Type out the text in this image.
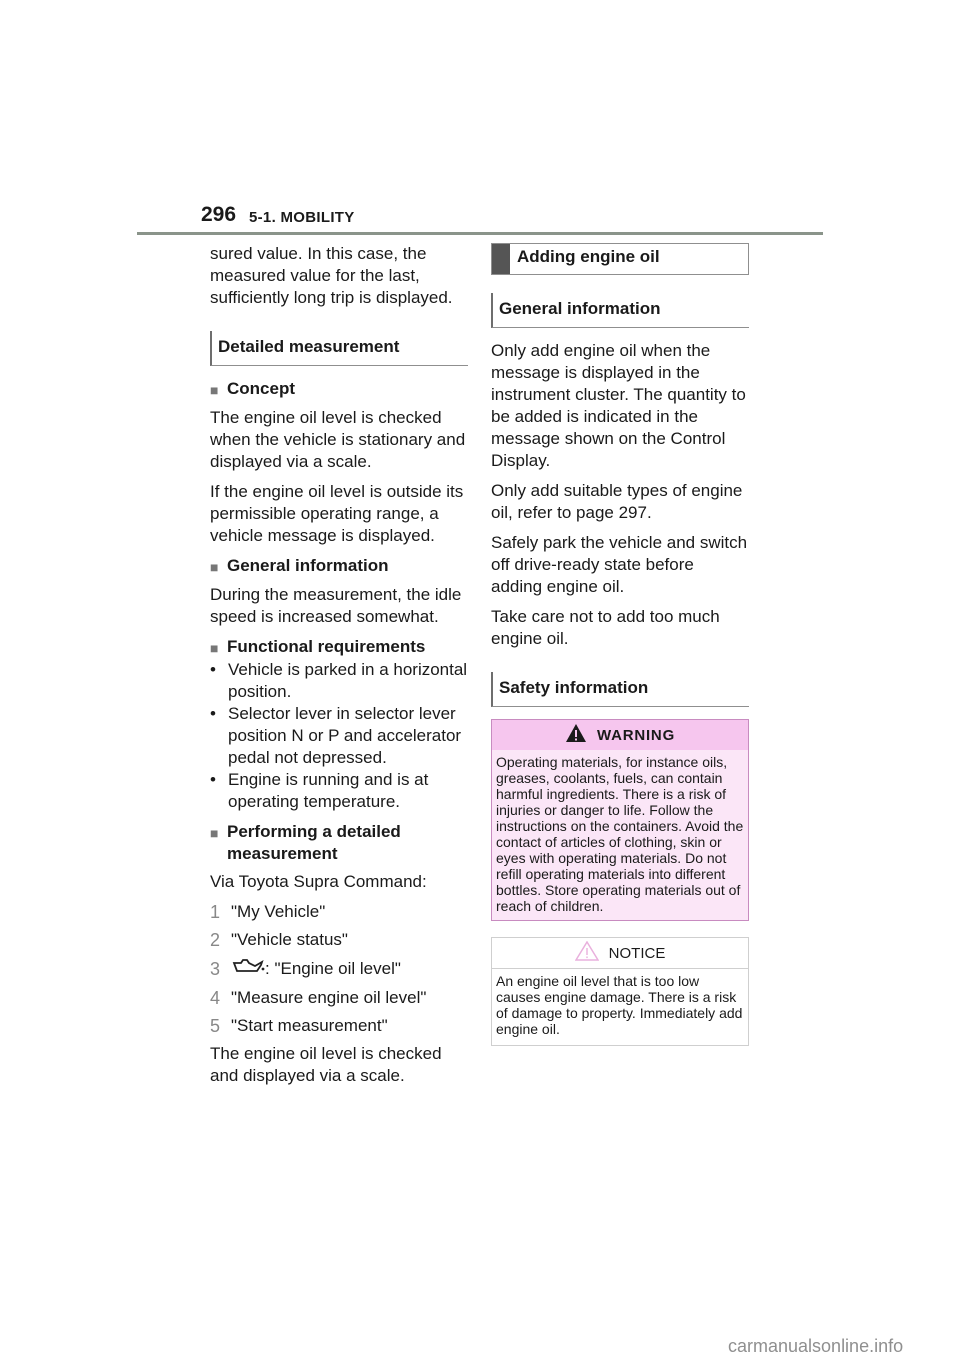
296 5-1. MOBILITY

sured value. In this case, the measured value for the last, sufficiently long trip is displayed.

Detailed measurement
■ Concept

The engine oil level is checked when the vehicle is stationary and displayed via a scale.

If the engine oil level is outside its permissible operating range, a vehicle message is displayed.

■ General information

During the measurement, the idle speed is increased somewhat.

■ Functional requirements
• Vehicle is parked in a horizontal position.
• Selector lever in selector lever position N or P and accelerator pedal not depressed.
• Engine is running and is at operating temperature.
■ Performing a detailed measurement

Via Toyota Supra Command:

1 "My Vehicle"
2 "Vehicle status"
3	: "Engine oil level"
4 "Measure engine oil level"
5 "Start measurement"

The engine oil level is checked and displayed via a scale.

Adding engine oil
General information

Only add engine oil when the message is displayed in the instrument cluster. The quantity to be added is indicated in the message shown on the Control Display.

Only add suitable types of engine oil, refer to page 297.

Safely park the vehicle and switch off drive-ready state before adding engine oil.

Take care not to add too much engine oil.

Safety information
WARNING
Operating materials, for instance oils, greases, coolants, fuels, can contain harmful ingredients. There is a risk of injuries or danger to life. Follow the instructions on the containers. Avoid the contact of articles of clothing, skin or eyes with operating materials. Do not refill operating materials into different bottles. Store operating materials out of reach of children.
NOTICE
An engine oil level that is too low causes engine damage. There is a risk of damage to property. Immediately add engine oil.
carmanualsonline.info
